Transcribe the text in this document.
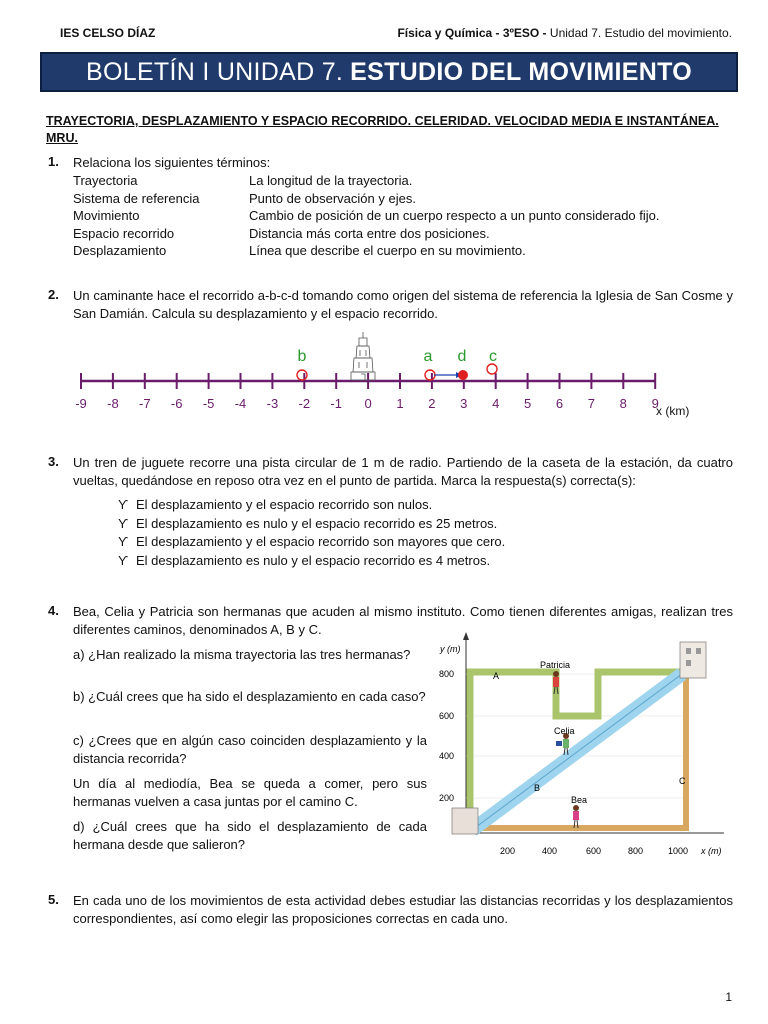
IES CELSO DÍAZ	Física y Química - 3ºESO - Unidad 7. Estudio del movimiento.
BOLETÍN I UNIDAD 7. ESTUDIO DEL MOVIMIENTO
TRAYECTORIA, DESPLAZAMIENTO Y ESPACIO RECORRIDO. CELERIDAD. VELOCIDAD MEDIA E INSTANTÁNEA. MRU.
1. Relaciona los siguientes términos:
Trayectoria	La longitud de la trayectoria.
Sistema de referencia	Punto de observación y ejes.
Movimiento	Cambio de posición de un cuerpo respecto a un punto considerado fijo.
Espacio recorrido	Distancia más corta entre dos posiciones.
Desplazamiento	Línea que describe el cuerpo en su movimiento.
2. Un caminante hace el recorrido a-b-c-d tomando como origen del sistema de referencia la Iglesia de San Cosme y San Damián. Calcula su desplazamiento y el espacio recorrido.
-9 -8 -7 -6 -5 -4 -3 -2 -1 0 1 2 3 4 5 6 7 8 9
b	a d c
x (km)
3. Un tren de juguete recorre una pista circular de 1 m de radio. Partiendo de la caseta de la estación, da cuatro vueltas, quedándose en reposo otra vez en el punto de partida. Marca la respuesta(s) correcta(s):
ϒ El desplazamiento y el espacio recorrido son nulos.
ϒ El desplazamiento es nulo y el espacio recorrido es 25 metros.
ϒ El desplazamiento y el espacio recorrido son mayores que cero.
ϒ El desplazamiento es nulo y el espacio recorrido es 4 metros.
4. Bea, Celia y Patricia son hermanas que acuden al mismo instituto. Como tienen diferentes amigas, realizan tres diferentes caminos, denominados A, B y C.
a) ¿Han realizado la misma trayectoria las tres hermanas?
b) ¿Cuál crees que ha sido el desplazamiento en cada caso?
c) ¿Crees que en algún caso coinciden desplazamiento y la distancia recorrida?
Un día al mediodía, Bea se queda a comer, pero sus hermanas vuelven a casa juntas por el camino C.
d) ¿Cuál crees que ha sido el desplazamiento de cada hermana desde que salieron?
y (m)
x (m)
800
600
400
200
200	400	600	800	1000
Patricia
Celia
Bea
A
B
C
5. En cada uno de los movimientos de esta actividad debes estudiar las distancias recorridas y los desplazamientos correspondientes, así como elegir las proposiciones correctas en cada uno.
1
